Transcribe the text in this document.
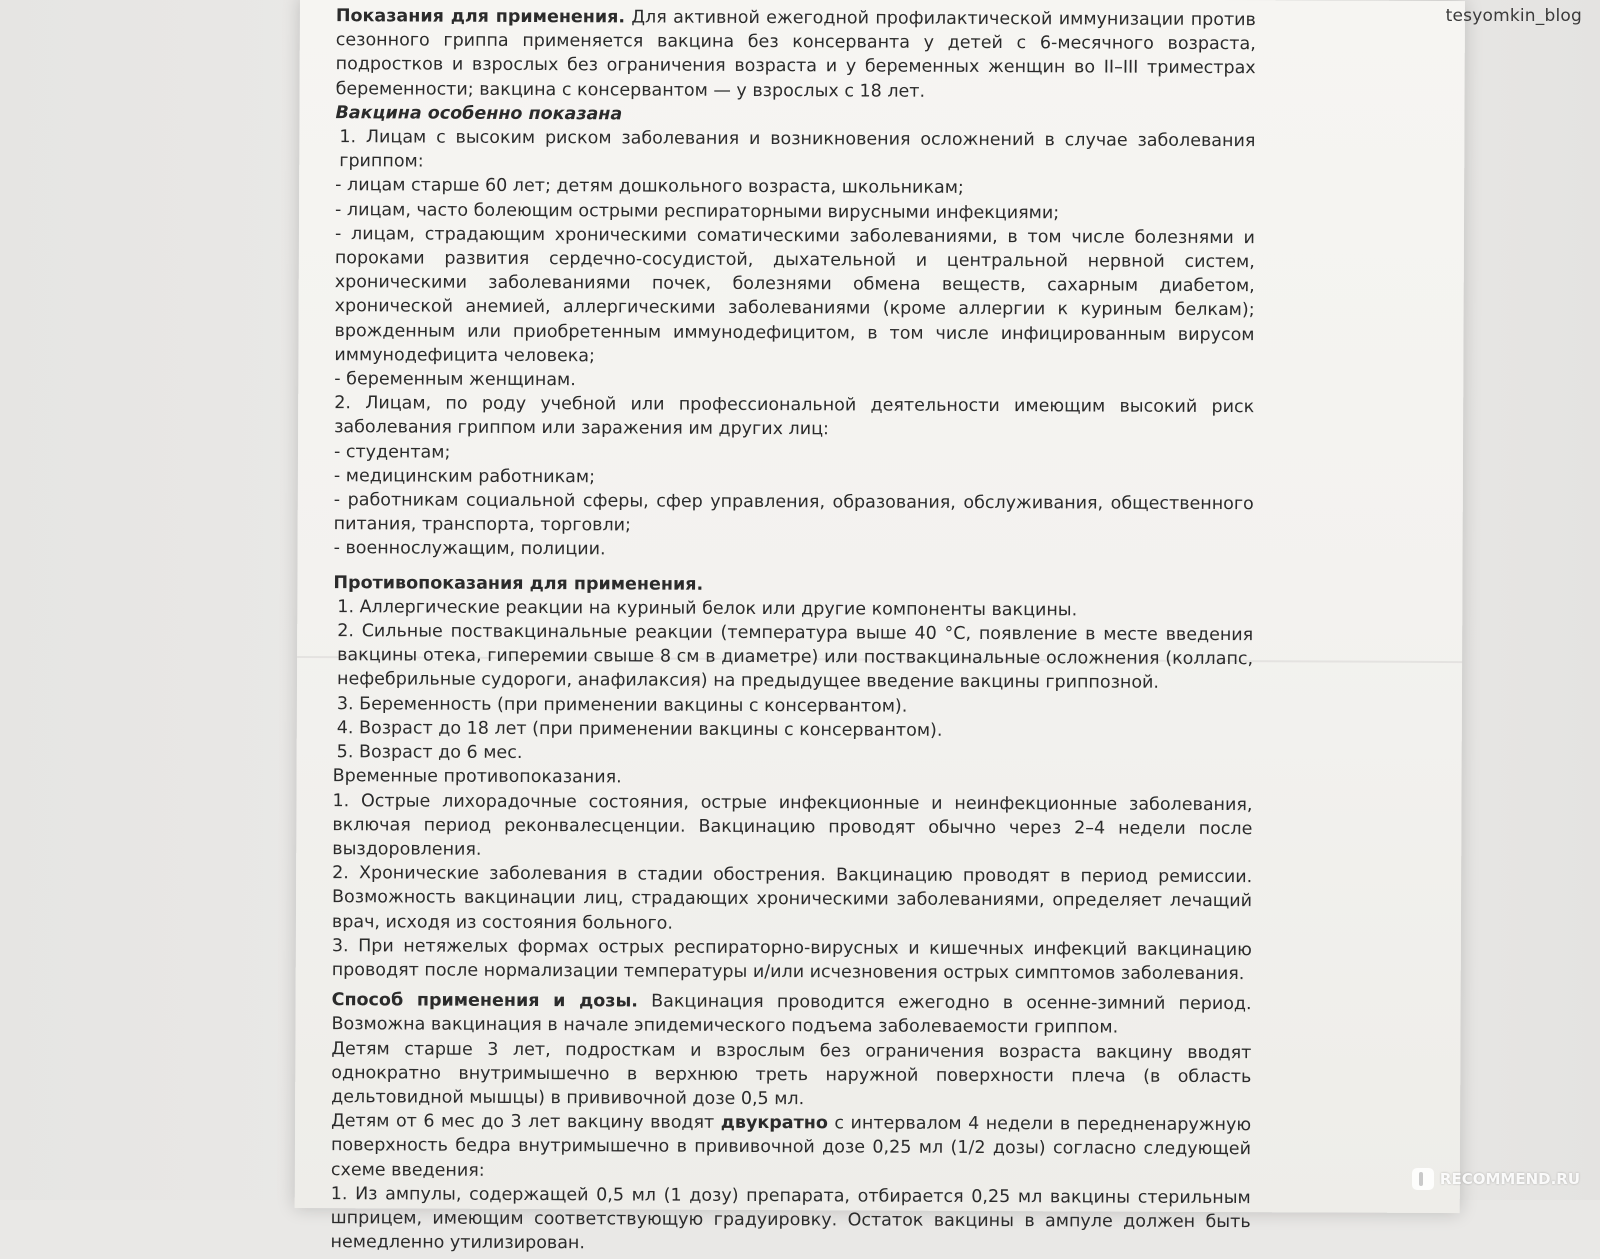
Показания для применения. Для активной ежегодной профилактической иммунизации против сезонного гриппа применяется вакцина без консерванта у детей с 6-месячного возраста, подростков и взрослых без ограничения возраста и у беременных женщин во II–III триместрах беременности; вакцина с консервантом — у взрослых с 18 лет.

Вакцина особенно показана

1. Лицам с высоким риском заболевания и возникновения осложнений в случае заболевания гриппом:

- лицам старше 60 лет; детям дошкольного возраста, школьникам;

- лицам, часто болеющим острыми респираторными вирусными инфекциями;

- лицам, страдающим хроническими соматическими заболеваниями, в том числе болезнями и пороками развития сердечно-сосудистой, дыхательной и центральной нервной систем, хроническими заболеваниями почек, болезнями обмена веществ, сахарным диабетом, хронической анемией, аллергическими заболеваниями (кроме аллергии к куриным белкам); врожденным или приобретенным иммунодефицитом, в том числе инфицированным вирусом иммунодефицита человека;

- беременным женщинам.

2. Лицам, по роду учебной или профессиональной деятельности имеющим высокий риск заболевания гриппом или заражения им других лиц:

- студентам;

- медицинским работникам;

- работникам социальной сферы, сфер управления, образования, обслуживания, общественного питания, транспорта, торговли;

- военнослужащим, полиции.

Противопоказания для применения.

1. Аллергические реакции на куриный белок или другие компоненты вакцины.

2. Сильные поствакцинальные реакции (температура выше 40 °С, появление в месте введения вакцины отека, гиперемии свыше 8 см в диаметре) или поствакцинальные осложнения (коллапс, нефебрильные судороги, анафилаксия) на предыдущее введение вакцины гриппозной.

3. Беременность (при применении вакцины с консервантом).

4. Возраст до 18 лет (при применении вакцины с консервантом).

5. Возраст до 6 мес.

Временные противопоказания.

1. Острые лихорадочные состояния, острые инфекционные и неинфекционные заболевания, включая период реконвалесценции. Вакцинацию проводят обычно через 2–4 недели после выздоровления.

2. Хронические заболевания в стадии обострения. Вакцинацию проводят в период ремиссии. Возможность вакцинации лиц, страдающих хроническими заболеваниями, определяет лечащий врач, исходя из состояния больного.

3. При нетяжелых формах острых респираторно-вирусных и кишечных инфекций вакцинацию проводят после нормализации температуры и/или исчезновения острых симптомов заболевания.

Способ применения и дозы. Вакцинация проводится ежегодно в осенне-зимний период. Возможна вакцинация в начале эпидемического подъема заболеваемости гриппом.

Детям старше 3 лет, подросткам и взрослым без ограничения возраста вакцину вводят однократно внутримышечно в верхнюю треть наружной поверхности плеча (в область дельтовидной мышцы) в прививочной дозе 0,5 мл.

Детям от 6 мес до 3 лет вакцину вводят двукратно с интервалом 4 недели в передненаружную поверхность бедра внутримышечно в прививочной дозе 0,25 мл (1/2 дозы) согласно следующей схеме введения:

1. Из ампулы, содержащей 0,5 мл (1 дозу) препарата, отбирается 0,25 мл вакцины стерильным шприцем, имеющим соответствующую градуировку. Остаток вакцины в ампуле должен быть немедленно утилизирован.

tesyomkin_blog
RECOMMEND.RU
